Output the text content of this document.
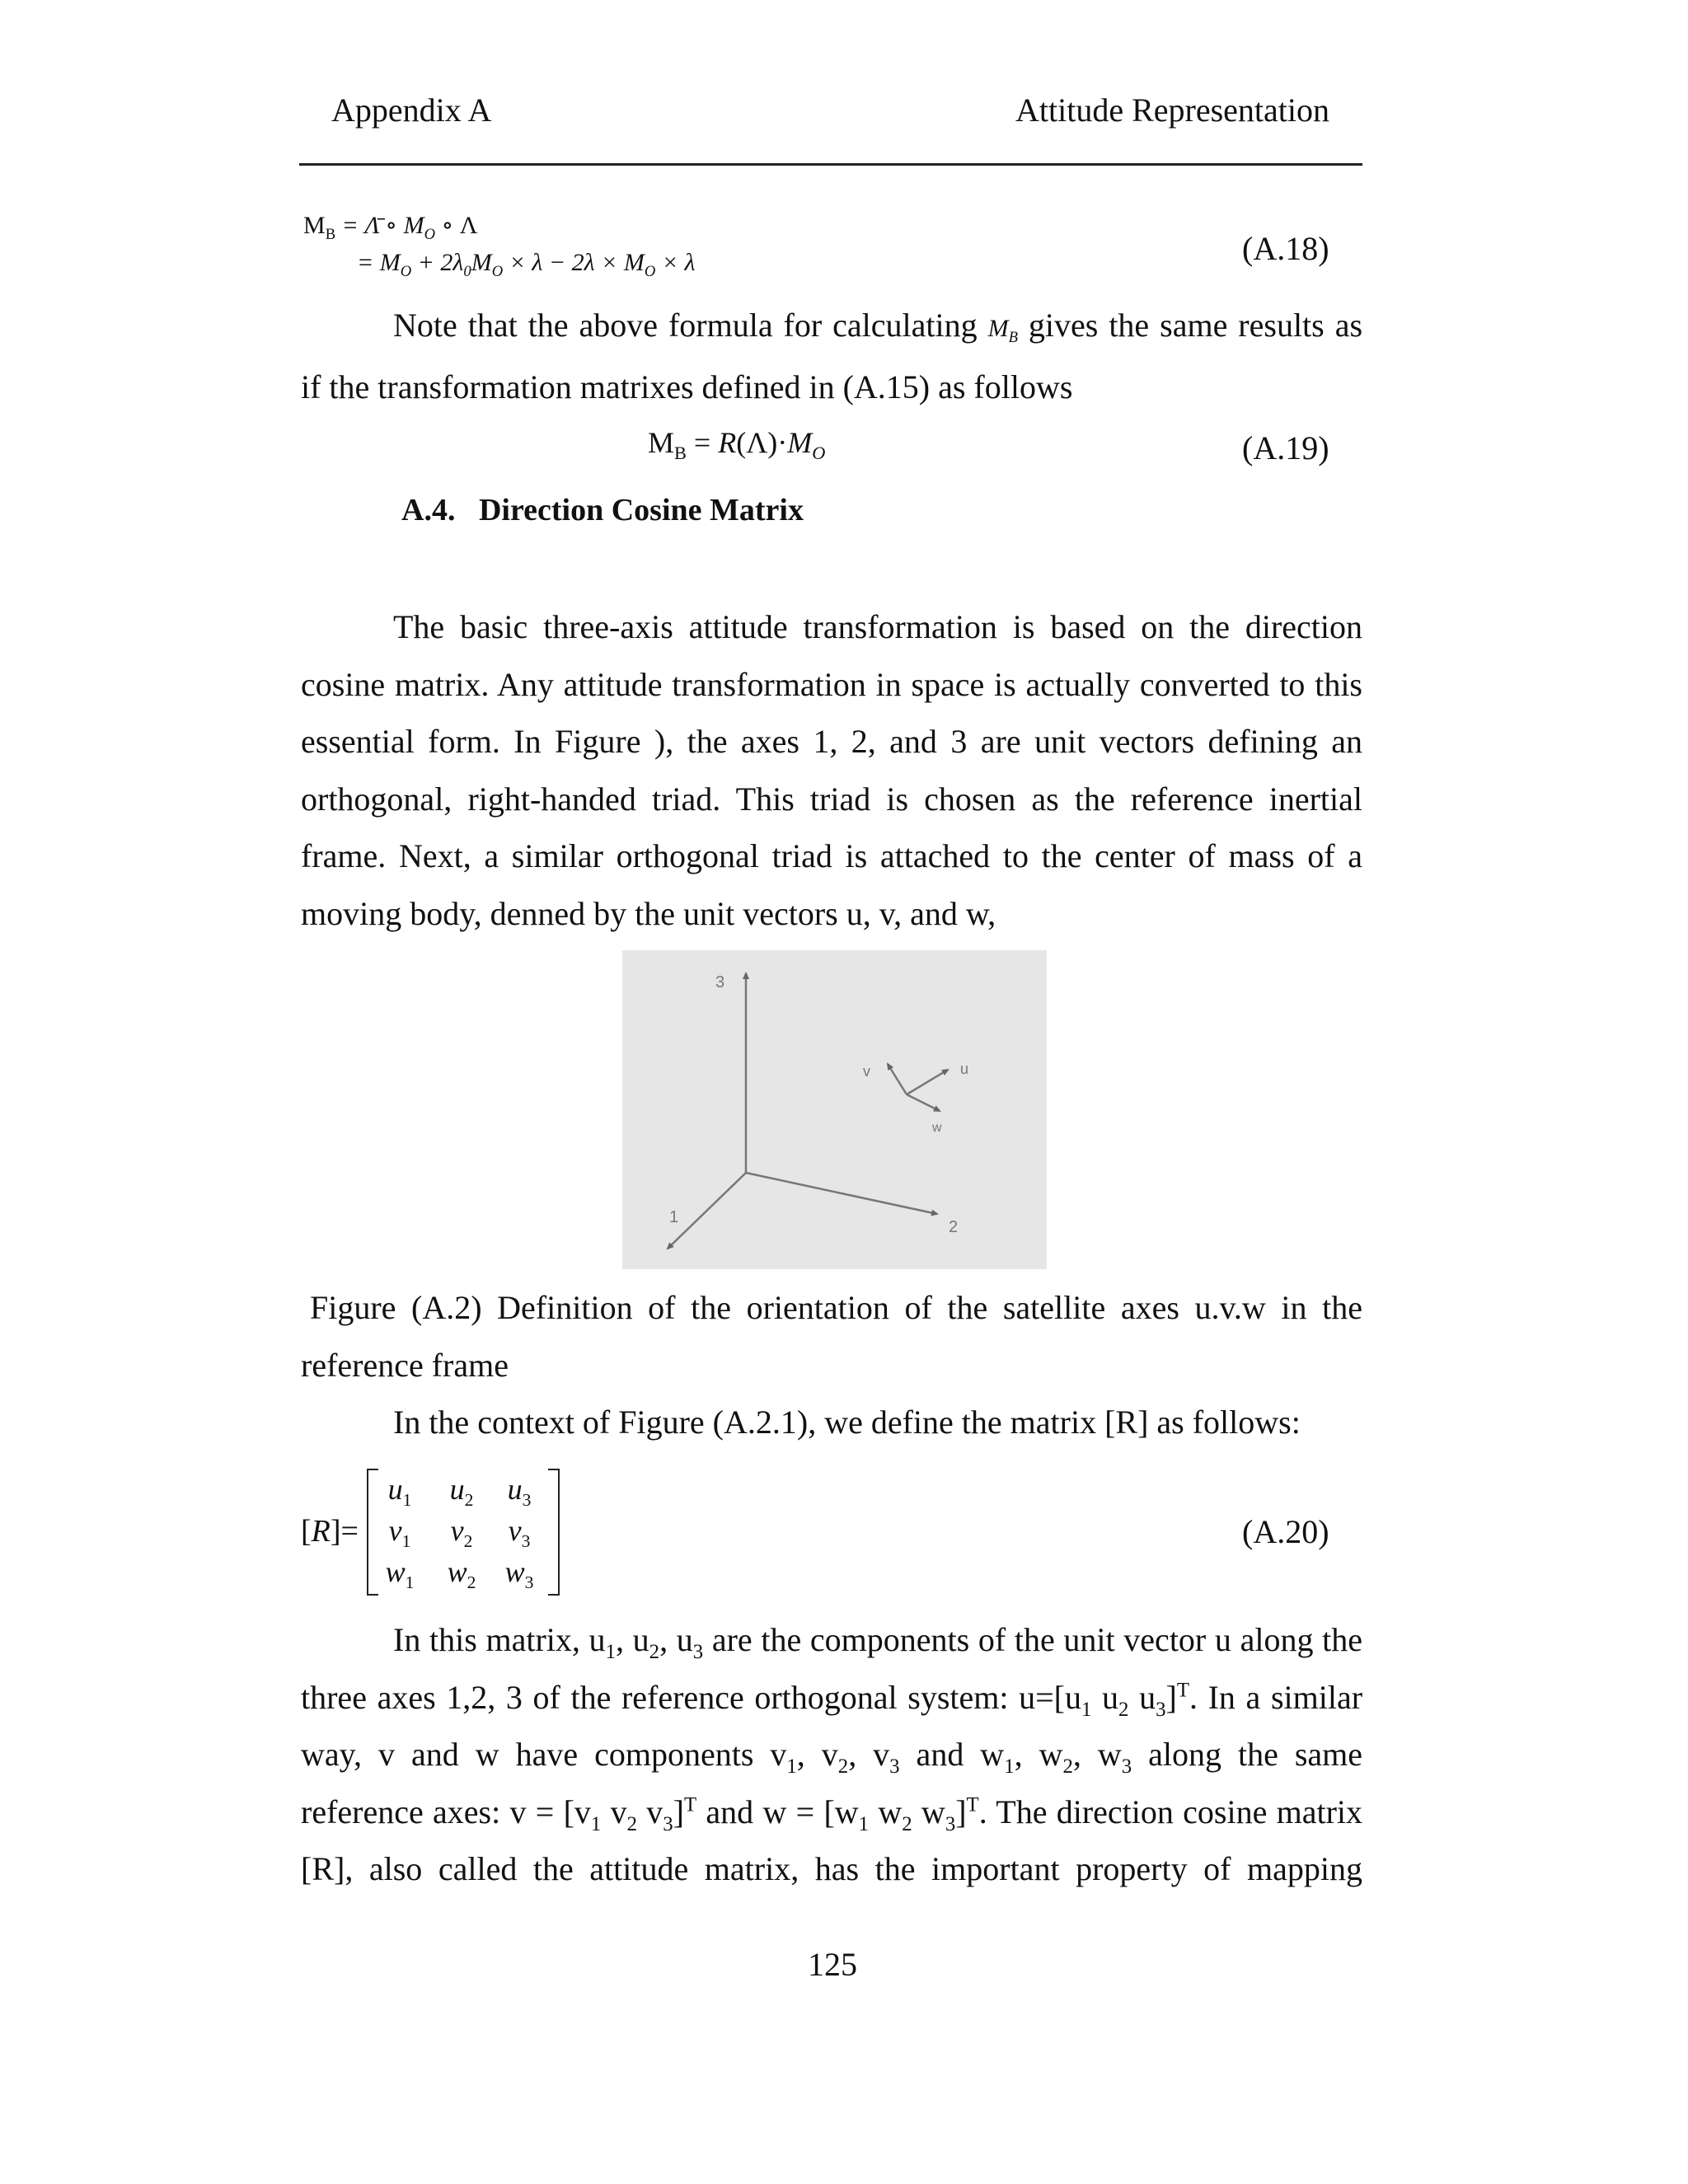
Appendix A	Attitude Representation
$M_B$ = Λ̄ ∘ $M_O$ ∘ Λ
= $M_O + 2\lambda_0M_O \times \lambda - 2\lambda \times M_O \times \lambda$	(A.18)
Note that the above formula for calculating $M_B$ gives the same results as
if the transformation matrixes defined in (A.15) as follows
$M_B = R(\Lambda)\cdot M_O$	(A.19)
A.4. Direction Cosine Matrix
The basic three-axis attitude transformation is based on the direction
cosine matrix. Any attitude transformation in space is actually converted to this
essential form. In Figure ), the axes 1, 2, and 3 are unit vectors defining an
orthogonal, right-handed triad. This triad is chosen as the reference inertial
frame. Next, a similar orthogonal triad is attached to the center of mass of a
moving body, denned by the unit vectors u, v, and w,
3
1
2
u
v
w
Figure (A.2) Definition of the orientation of the satellite axes u.v.w in the
reference frame
In the context of Figure (A.2.1), we define the matrix [R] as follows:
[R]=
$u_1$ $u_2$ $u_3$
$v_1$	$v_2$	$v_3$
$w_1$ $w_2$ $w_3$
(A.20)
In this matrix, $u_1$, $u_2$, $u_3$ are the components of the unit vector u along the
three axes 1,2, 3 of the reference orthogonal system: $u=[u_1$ $u_2$ $u_3]^T$. In a similar
way, v and w have components $v_1$, $v_2$, $v_3$ and $w_1$, $w_2$, $w_3$ along the same
reference axes: $v = [v_1$ $v_2$ $v_3]^T$ and $w = [w_1$ $w_2$ $w_3]^T$. The direction cosine matrix
[R], also called the attitude matrix, has the important property of mapping
125
